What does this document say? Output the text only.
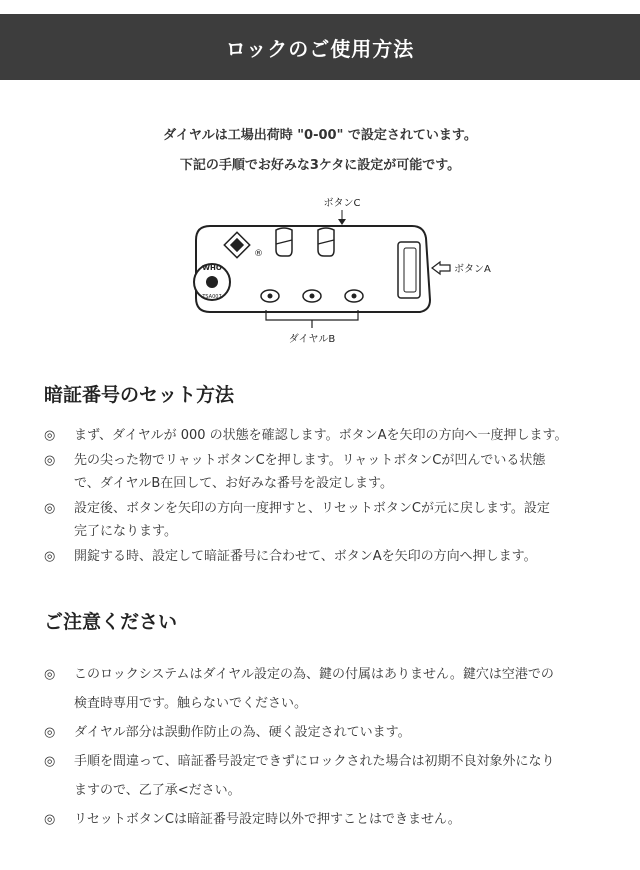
ロックのご使用方法
ダイヤルは工場出荷時 "0-00" で設定されています。
下記の手順でお好みな3ケタに設定が可能です。
ボタンC
®
WHO
TSA007
ボタンA
ダイヤルB
暗証番号のセット方法
◎ まず、ダイヤルが 000 の状態を確認します。ボタンAを矢印の方向へ一度押します。
◎ 先の尖った物でリャットボタンCを押します。リャットボタンCが凹んでいる状態
で、ダイヤルB在回して、お好みな番号を設定します。
◎ 設定後、ボタンを矢印の方向一度押すと、リセットボタンCが元に戻します。設定
完了になります。
◎ 開錠する時、設定して暗証番号に合わせて、ボタンAを矢印の方向へ押します。
ご注意ください
◎ このロックシステムはダイヤル設定の為、鍵の付属はありません。鍵穴は空港での
検査時専用です。触らないでください。
◎ ダイヤル部分は誤動作防止の為、硬く設定されています。
◎ 手順を間違って、暗証番号設定できずにロックされた場合は初期不良対象外になり
ますので、乙了承<ださい。
◎ リセットボタンCは暗証番号設定時以外で押すことはできません。
